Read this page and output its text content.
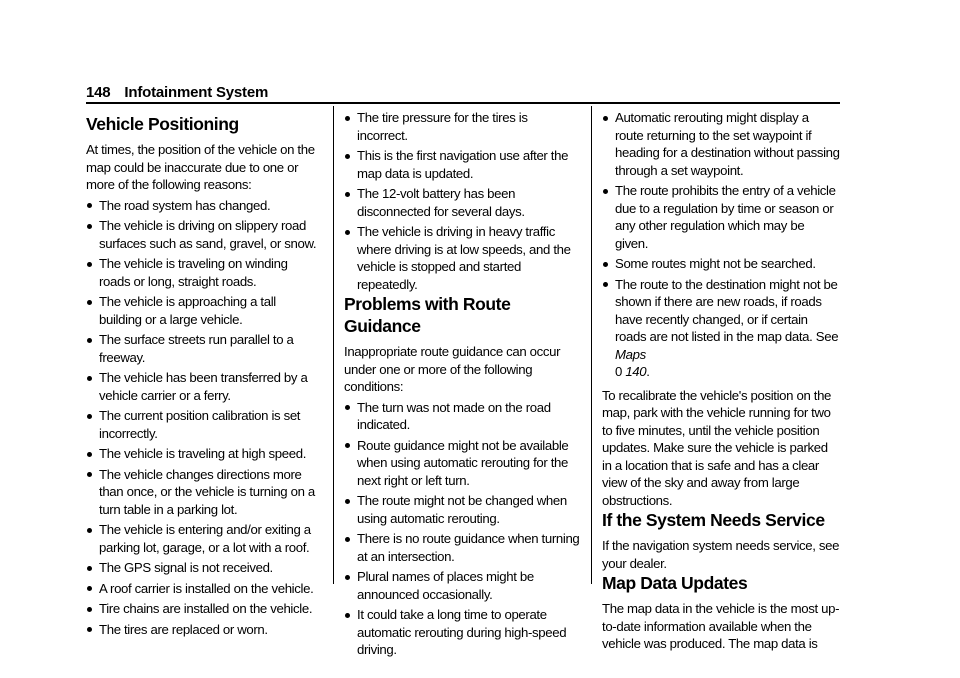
148 Infotainment System
Vehicle Positioning

At times, the position of the vehicle on the map could be inaccurate due to one or more of the following reasons:

The road system has changed.
The vehicle is driving on slippery road surfaces such as sand, gravel, or snow.
The vehicle is traveling on winding roads or long, straight roads.
The vehicle is approaching a tall building or a large vehicle.
The surface streets run parallel to a freeway.
The vehicle has been transferred by a vehicle carrier or a ferry.
The current position calibration is set incorrectly.
The vehicle is traveling at high speed.
The vehicle changes directions more than once, or the vehicle is turning on a turn table in a parking lot.
The vehicle is entering and/or exiting a parking lot, garage, or a lot with a roof.
The GPS signal is not received.
A roof carrier is installed on the vehicle.
Tire chains are installed on the vehicle.
The tires are replaced or worn.
The tire pressure for the tires is incorrect.
This is the first navigation use after the map data is updated.
The 12-volt battery has been disconnected for several days.
The vehicle is driving in heavy traffic where driving is at low speeds, and the vehicle is stopped and started repeatedly.
Problems with Route Guidance

Inappropriate route guidance can occur under one or more of the following conditions:

The turn was not made on the road indicated.
Route guidance might not be available when using automatic rerouting for the next right or left turn.
The route might not be changed when using automatic rerouting.
There is no route guidance when turning at an intersection.
Plural names of places might be announced occasionally.
It could take a long time to operate automatic rerouting during high-speed driving.
Automatic rerouting might display a route returning to the set waypoint if heading for a destination without passing through a set waypoint.
The route prohibits the entry of a vehicle due to a regulation by time or season or any other regulation which may be given.
Some routes might not be searched.
The route to the destination might not be shown if there are new roads, if roads have recently changed, or if certain roads are not listed in the map data. See Maps
0 140.

To recalibrate the vehicle's position on the map, park with the vehicle running for two to five minutes, until the vehicle position updates. Make sure the vehicle is parked in a location that is safe and has a clear view of the sky and away from large obstructions.

If the System Needs Service

If the navigation system needs service, see your dealer.

Map Data Updates

The map data in the vehicle is the most up-to-date information available when the vehicle was produced. The map data is
